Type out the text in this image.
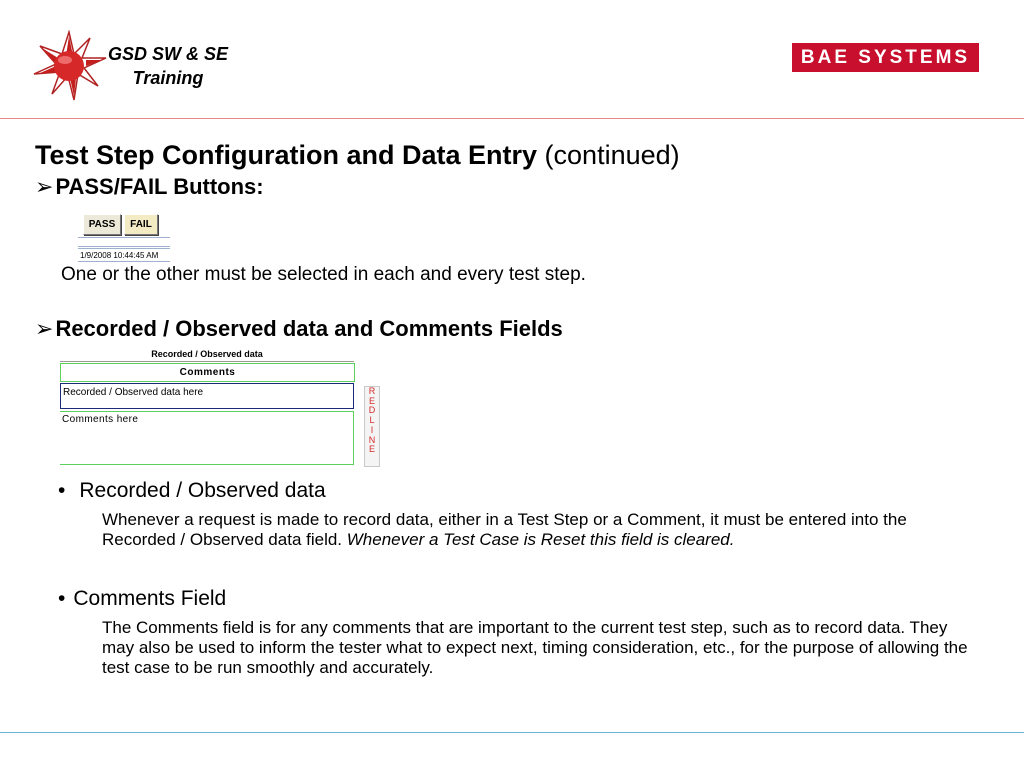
GSD SW & SE
Training
BAE SYSTEMS
Test Step Configuration and Data Entry (continued)
➢PASS/FAIL Buttons:
PASS	FAIL
1/9/2008 10:44:45 AM
One or the other must be selected in each and every test step.
➢Recorded / Observed data and Comments Fields
Recorded / Observed data
Comments
Recorded / Observed data here
Comments here
R
E
D
L
I
N
E
• Recorded / Observed data
Whenever a request is made to record data, either in a Test Step or a Comment, it must be entered into the Recorded / Observed data field. Whenever a Test Case is Reset this field is cleared.
• Comments Field
The Comments field is for any comments that are important to the current test step, such as to record data. They may also be used to inform the tester what to expect next, timing consideration, etc., for the purpose of allowing the test case to be run smoothly and accurately.
